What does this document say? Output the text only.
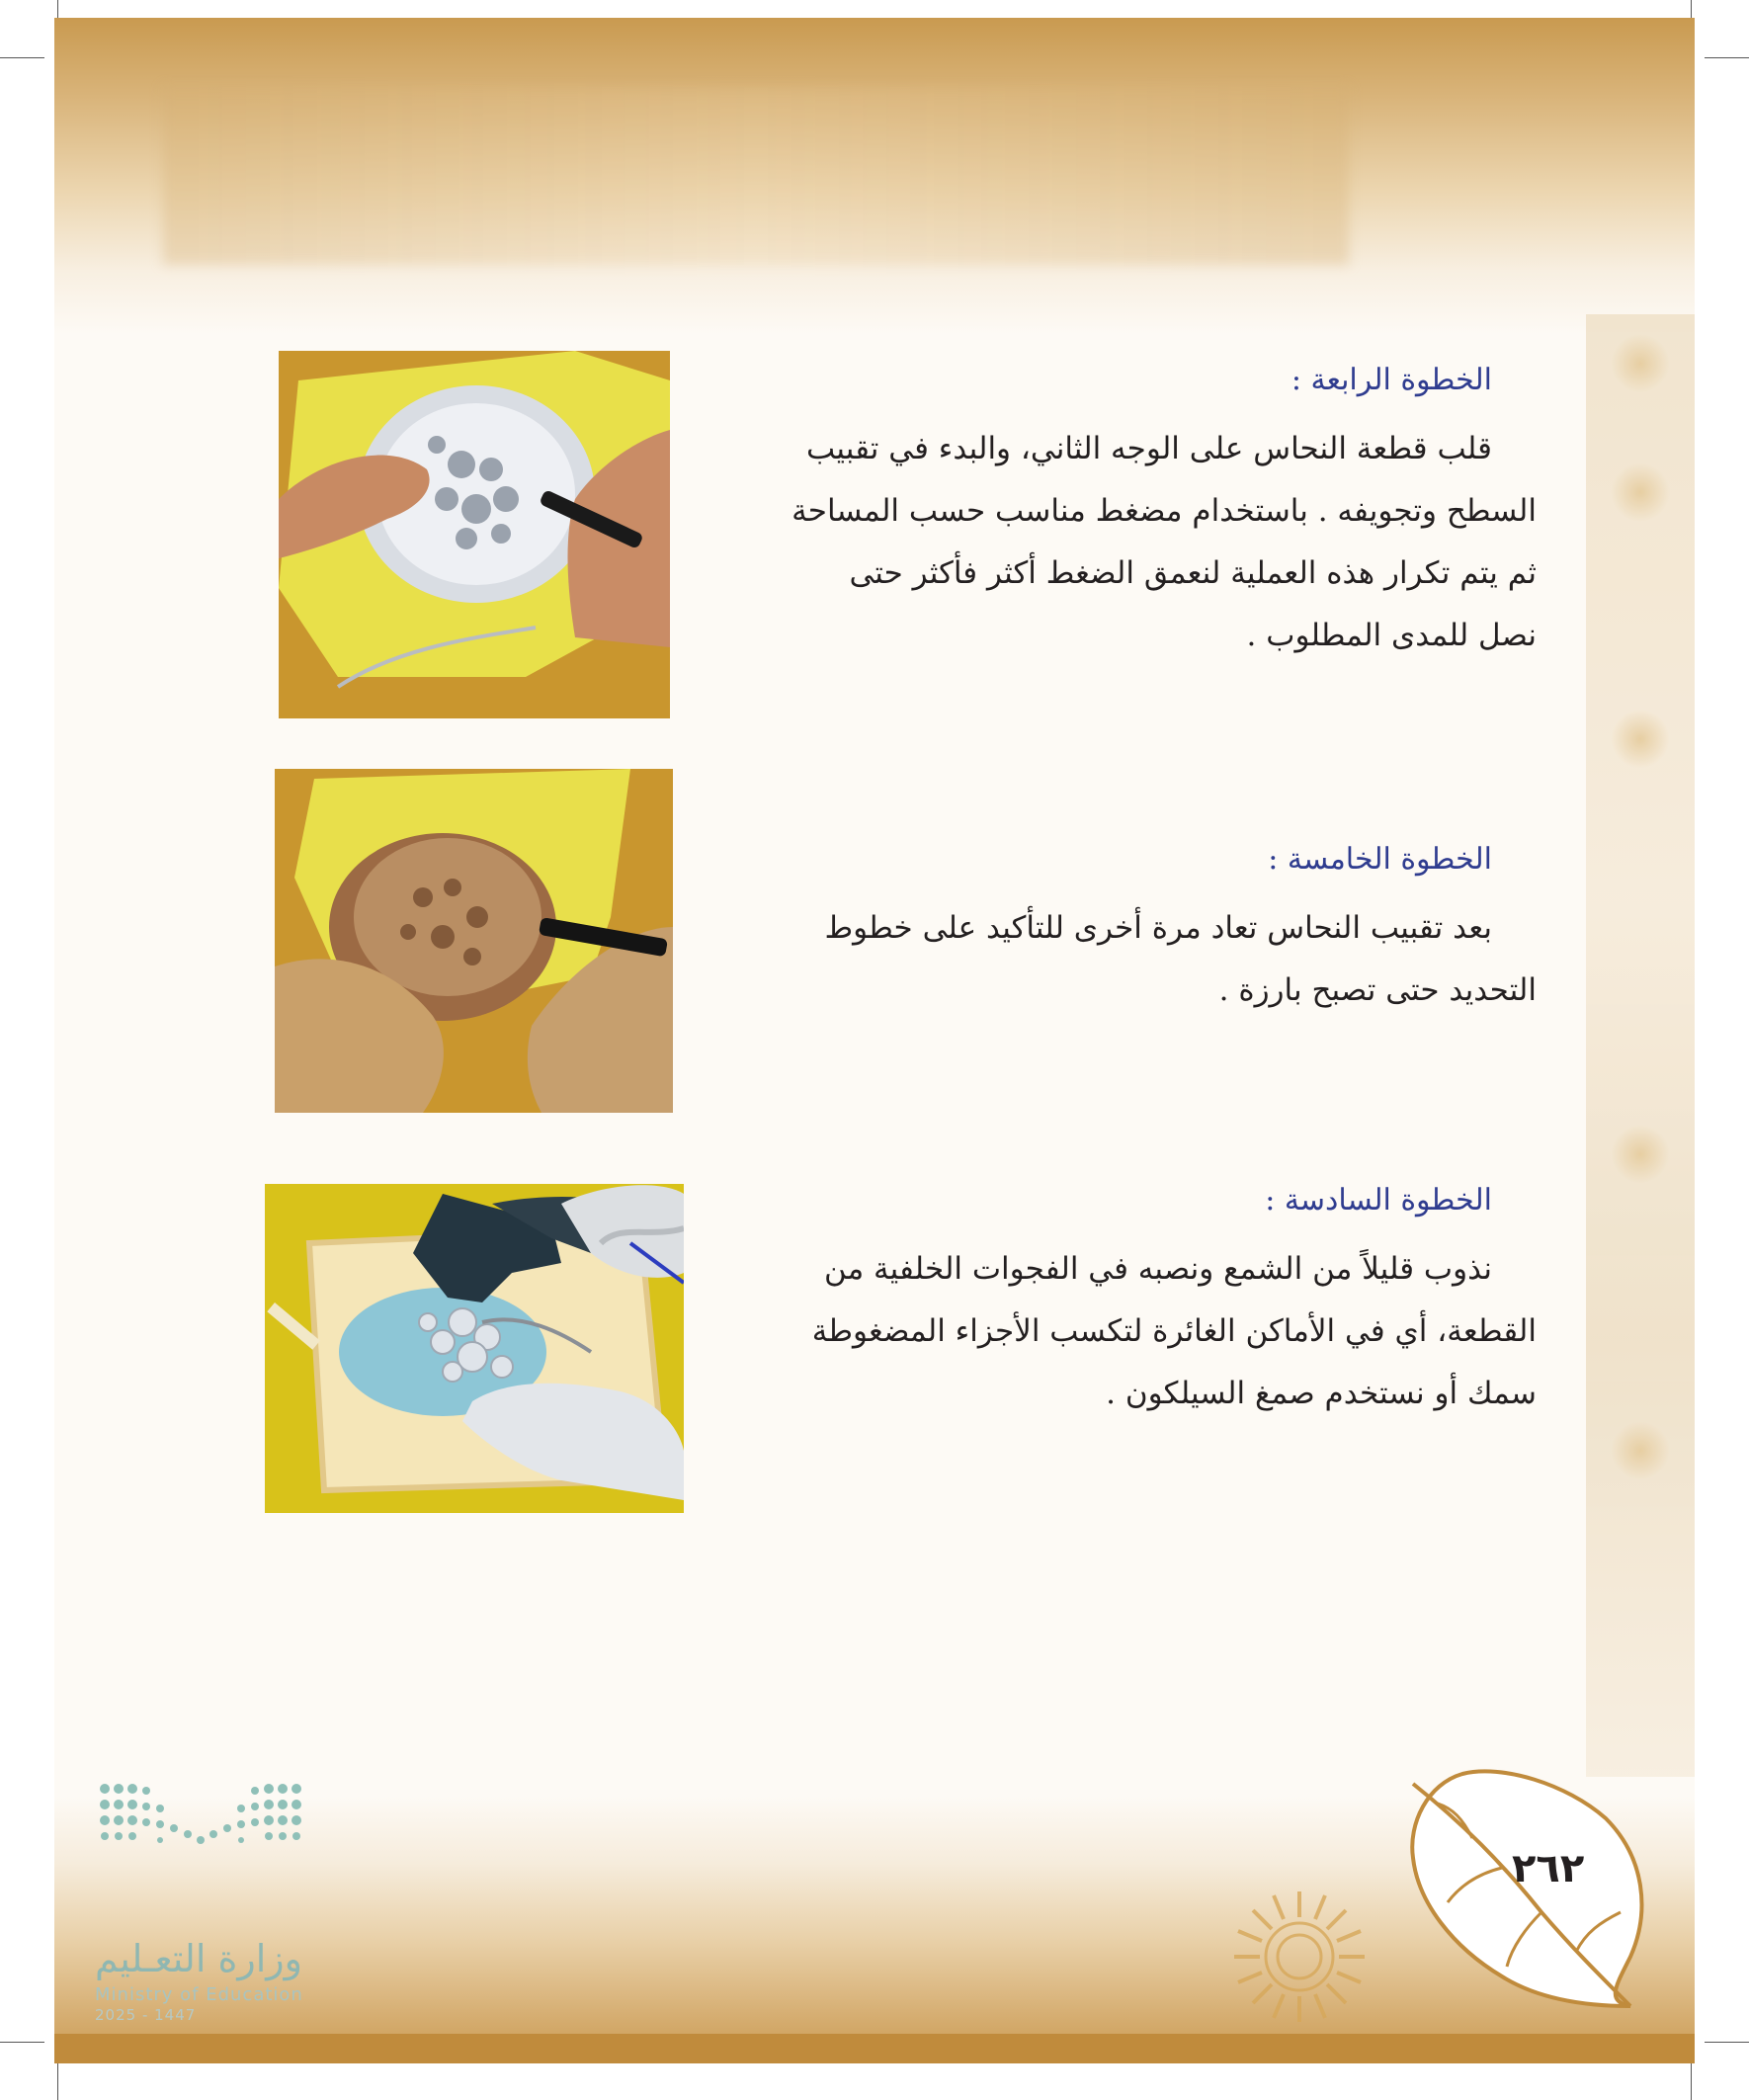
الخطوة الرابعة :

قلب قطعة النحاس على الوجه الثاني، والبدء في تقبيب
السطح وتجويفه . باستخدام مضغط مناسب حسب المساحة
ثم يتم تكرار هذه العملية لنعمق الضغط أكثر فأكثر حتى
نصل للمدى المطلوب .

الخطوة الخامسة :

بعد تقبيب النحاس تعاد مرة أخرى للتأكيد على خطوط
التحديد حتى تصبح بارزة .

الخطوة السادسة :

نذوب قليلاً من الشمع ونصبه في الفجوات الخلفية من
القطعة، أي في الأماكن الغائرة لتكسب الأجزاء المضغوطة
سمك أو نستخدم صمغ السيلكون .

وزارة التعـليم
Ministry of Education
2025 - 1447
٢٦٢
